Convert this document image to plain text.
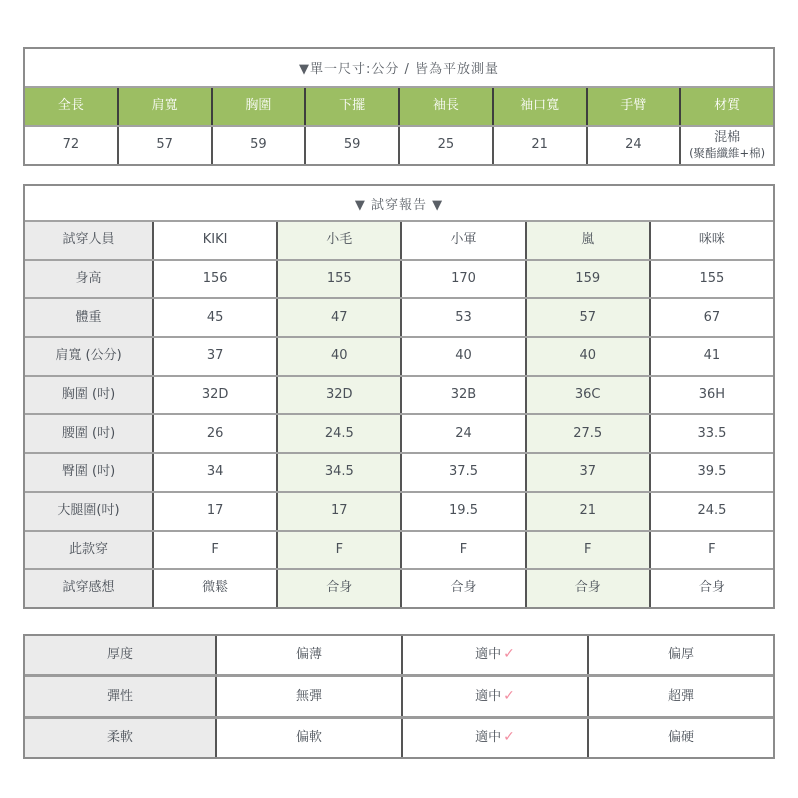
▼單一尺寸:公分 / 皆為平放測量
全長	肩寬	胸圍	下擺	袖長	袖口寬	手臂	材質
72	57	59	59	25	21	24	混棉
(聚酯纖維+棉)
▼ 試穿報告 ▼
試穿人員	KIKI	小毛	小軍	嵐	咪咪
身高	156	155	170	159	155
體重	45	47	53	57	67
肩寬 (公分)	37	40	40	40	41
胸圍 (吋)	32D	32D	32B	36C	36H
腰圍 (吋)	26	24.5	24	27.5	33.5
臀圍 (吋)	34	34.5	37.5	37	39.5
大腿圍(吋)	17	17	19.5	21	24.5
此款穿	F	F	F	F	F
試穿感想	微鬆	合身	合身	合身	合身
厚度	偏薄	適中 ✓	偏厚
彈性	無彈	適中 ✓	超彈
柔軟	偏軟	適中 ✓	偏硬
